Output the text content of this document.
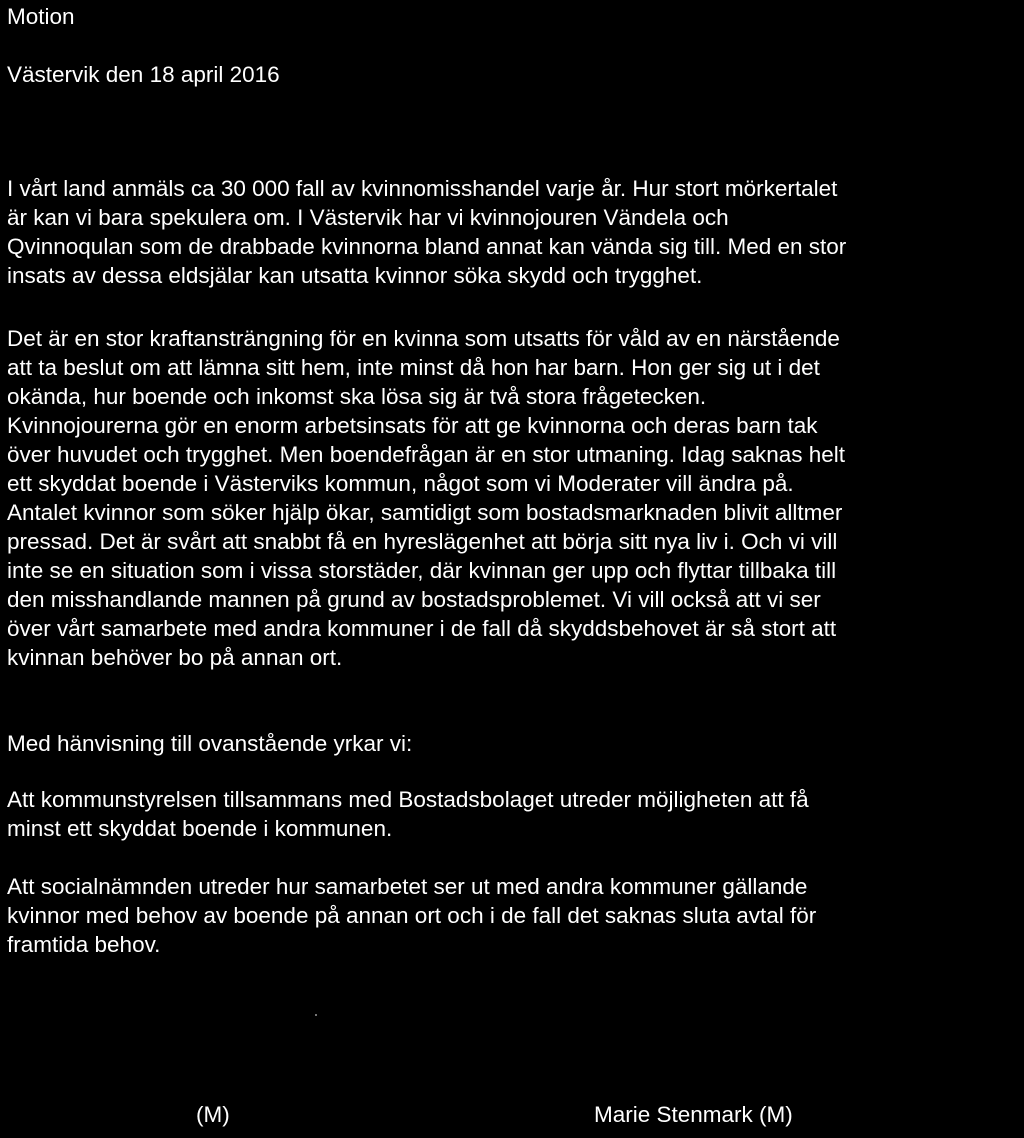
Motion
Västervik den 18 april 2016

I vårt land anmäls ca 30 000 fall av kvinnomisshandel varje år. Hur stort mörkertalet

är kan vi bara spekulera om. I Västervik har vi kvinnojouren Vändela och

Qvinnoqulan som de drabbade kvinnorna bland annat kan vända sig till. Med en stor

insats av dessa eldsjälar kan utsatta kvinnor söka skydd och trygghet.

Det är en stor kraftansträngning för en kvinna som utsatts för våld av en närstående

att ta beslut om att lämna sitt hem, inte minst då hon har barn. Hon ger sig ut i det

okända, hur boende och inkomst ska lösa sig är två stora frågetecken.

Kvinnojourerna gör en enorm arbetsinsats för att ge kvinnorna och deras barn tak

över huvudet och trygghet. Men boendefrågan är en stor utmaning. Idag saknas helt

ett skyddat boende i Västerviks kommun, något som vi Moderater vill ändra på.

Antalet kvinnor som söker hjälp ökar, samtidigt som bostadsmarknaden blivit alltmer

pressad. Det är svårt att snabbt få en hyreslägenhet att börja sitt nya liv i. Och vi vill

inte se en situation som i vissa storstäder, där kvinnan ger upp och flyttar tillbaka till

den misshandlande mannen på grund av bostadsproblemet. Vi vill också att vi ser

över vårt samarbete med andra kommuner i de fall då skyddsbehovet är så stort att

kvinnan behöver bo på annan ort.

Med hänvisning till ovanstående yrkar vi:

Att kommunstyrelsen tillsammans med Bostadsbolaget utreder möjligheten att få

minst ett skyddat boende i kommunen.

Att socialnämnden utreder hur samarbetet ser ut med andra kommuner gällande

kvinnor med behov av boende på annan ort och i de fall det saknas sluta avtal för

framtida behov.

(M)	Marie Stenmark (M)
